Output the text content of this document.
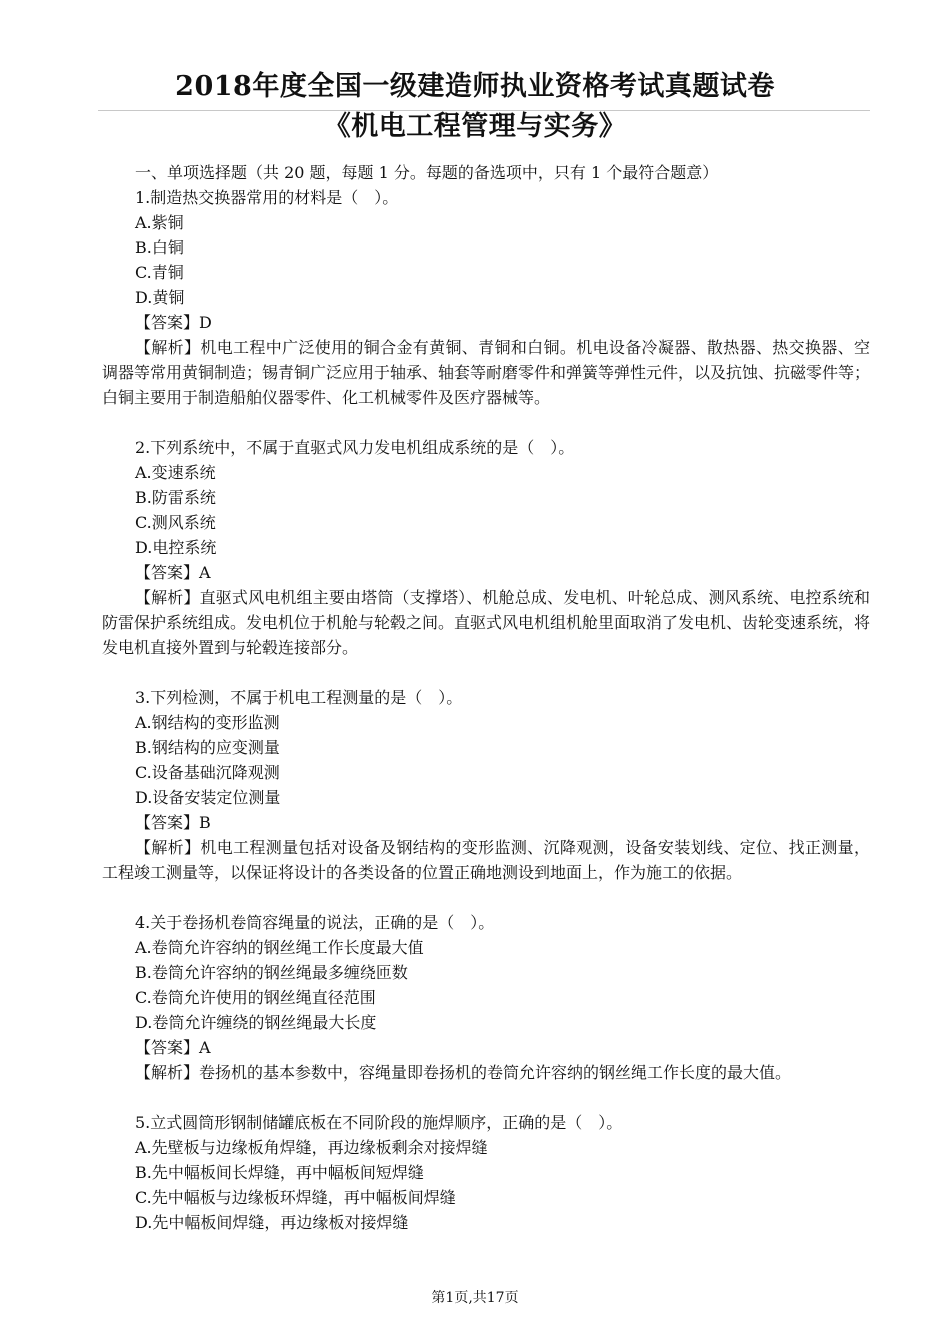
2018年度全国一级建造师执业资格考试真题试卷
《机电工程管理与实务》
一、单项选择题（共 20 题，每题 1 分。每题的备选项中，只有 1 个最符合题意）
1.制造热交换器常用的材料是（　）。
A.紫铜
B.白铜
C.青铜
D.黄铜
【答案】D
【解析】机电工程中广泛使用的铜合金有黄铜、青铜和白铜。机电设备冷凝器、散热器、热交换器、空调器等常用黄铜制造；锡青铜广泛应用于轴承、轴套等耐磨零件和弹簧等弹性元件，以及抗蚀、抗磁零件等；白铜主要用于制造船舶仪器零件、化工机械零件及医疗器械等。
2.下列系统中，不属于直驱式风力发电机组成系统的是（　）。
A.变速系统
B.防雷系统
C.测风系统
D.电控系统
【答案】A
【解析】直驱式风电机组主要由塔筒（支撑塔）、机舱总成、发电机、叶轮总成、测风系统、电控系统和防雷保护系统组成。发电机位于机舱与轮毂之间。直驱式风电机组机舱里面取消了发电机、齿轮变速系统，将发电机直接外置到与轮毂连接部分。
3.下列检测，不属于机电工程测量的是（　）。
A.钢结构的变形监测
B.钢结构的应变测量
C.设备基础沉降观测
D.设备安装定位测量
【答案】B
【解析】机电工程测量包括对设备及钢结构的变形监测、沉降观测，设备安装划线、定位、找正测量，工程竣工测量等，以保证将设计的各类设备的位置正确地测设到地面上，作为施工的依据。
4.关于卷扬机卷筒容绳量的说法，正确的是（　）。
A.卷筒允许容纳的钢丝绳工作长度最大值
B.卷筒允许容纳的钢丝绳最多缠绕匝数
C.卷筒允许使用的钢丝绳直径范围
D.卷筒允许缠绕的钢丝绳最大长度
【答案】A
【解析】卷扬机的基本参数中，容绳量即卷扬机的卷筒允许容纳的钢丝绳工作长度的最大值。
5.立式圆筒形钢制储罐底板在不同阶段的施焊顺序，正确的是（　）。
A.先壁板与边缘板角焊缝，再边缘板剩余对接焊缝
B.先中幅板间长焊缝，再中幅板间短焊缝
C.先中幅板与边缘板环焊缝，再中幅板间焊缝
D.先中幅板间焊缝，再边缘板对接焊缝
第1页,共17页
